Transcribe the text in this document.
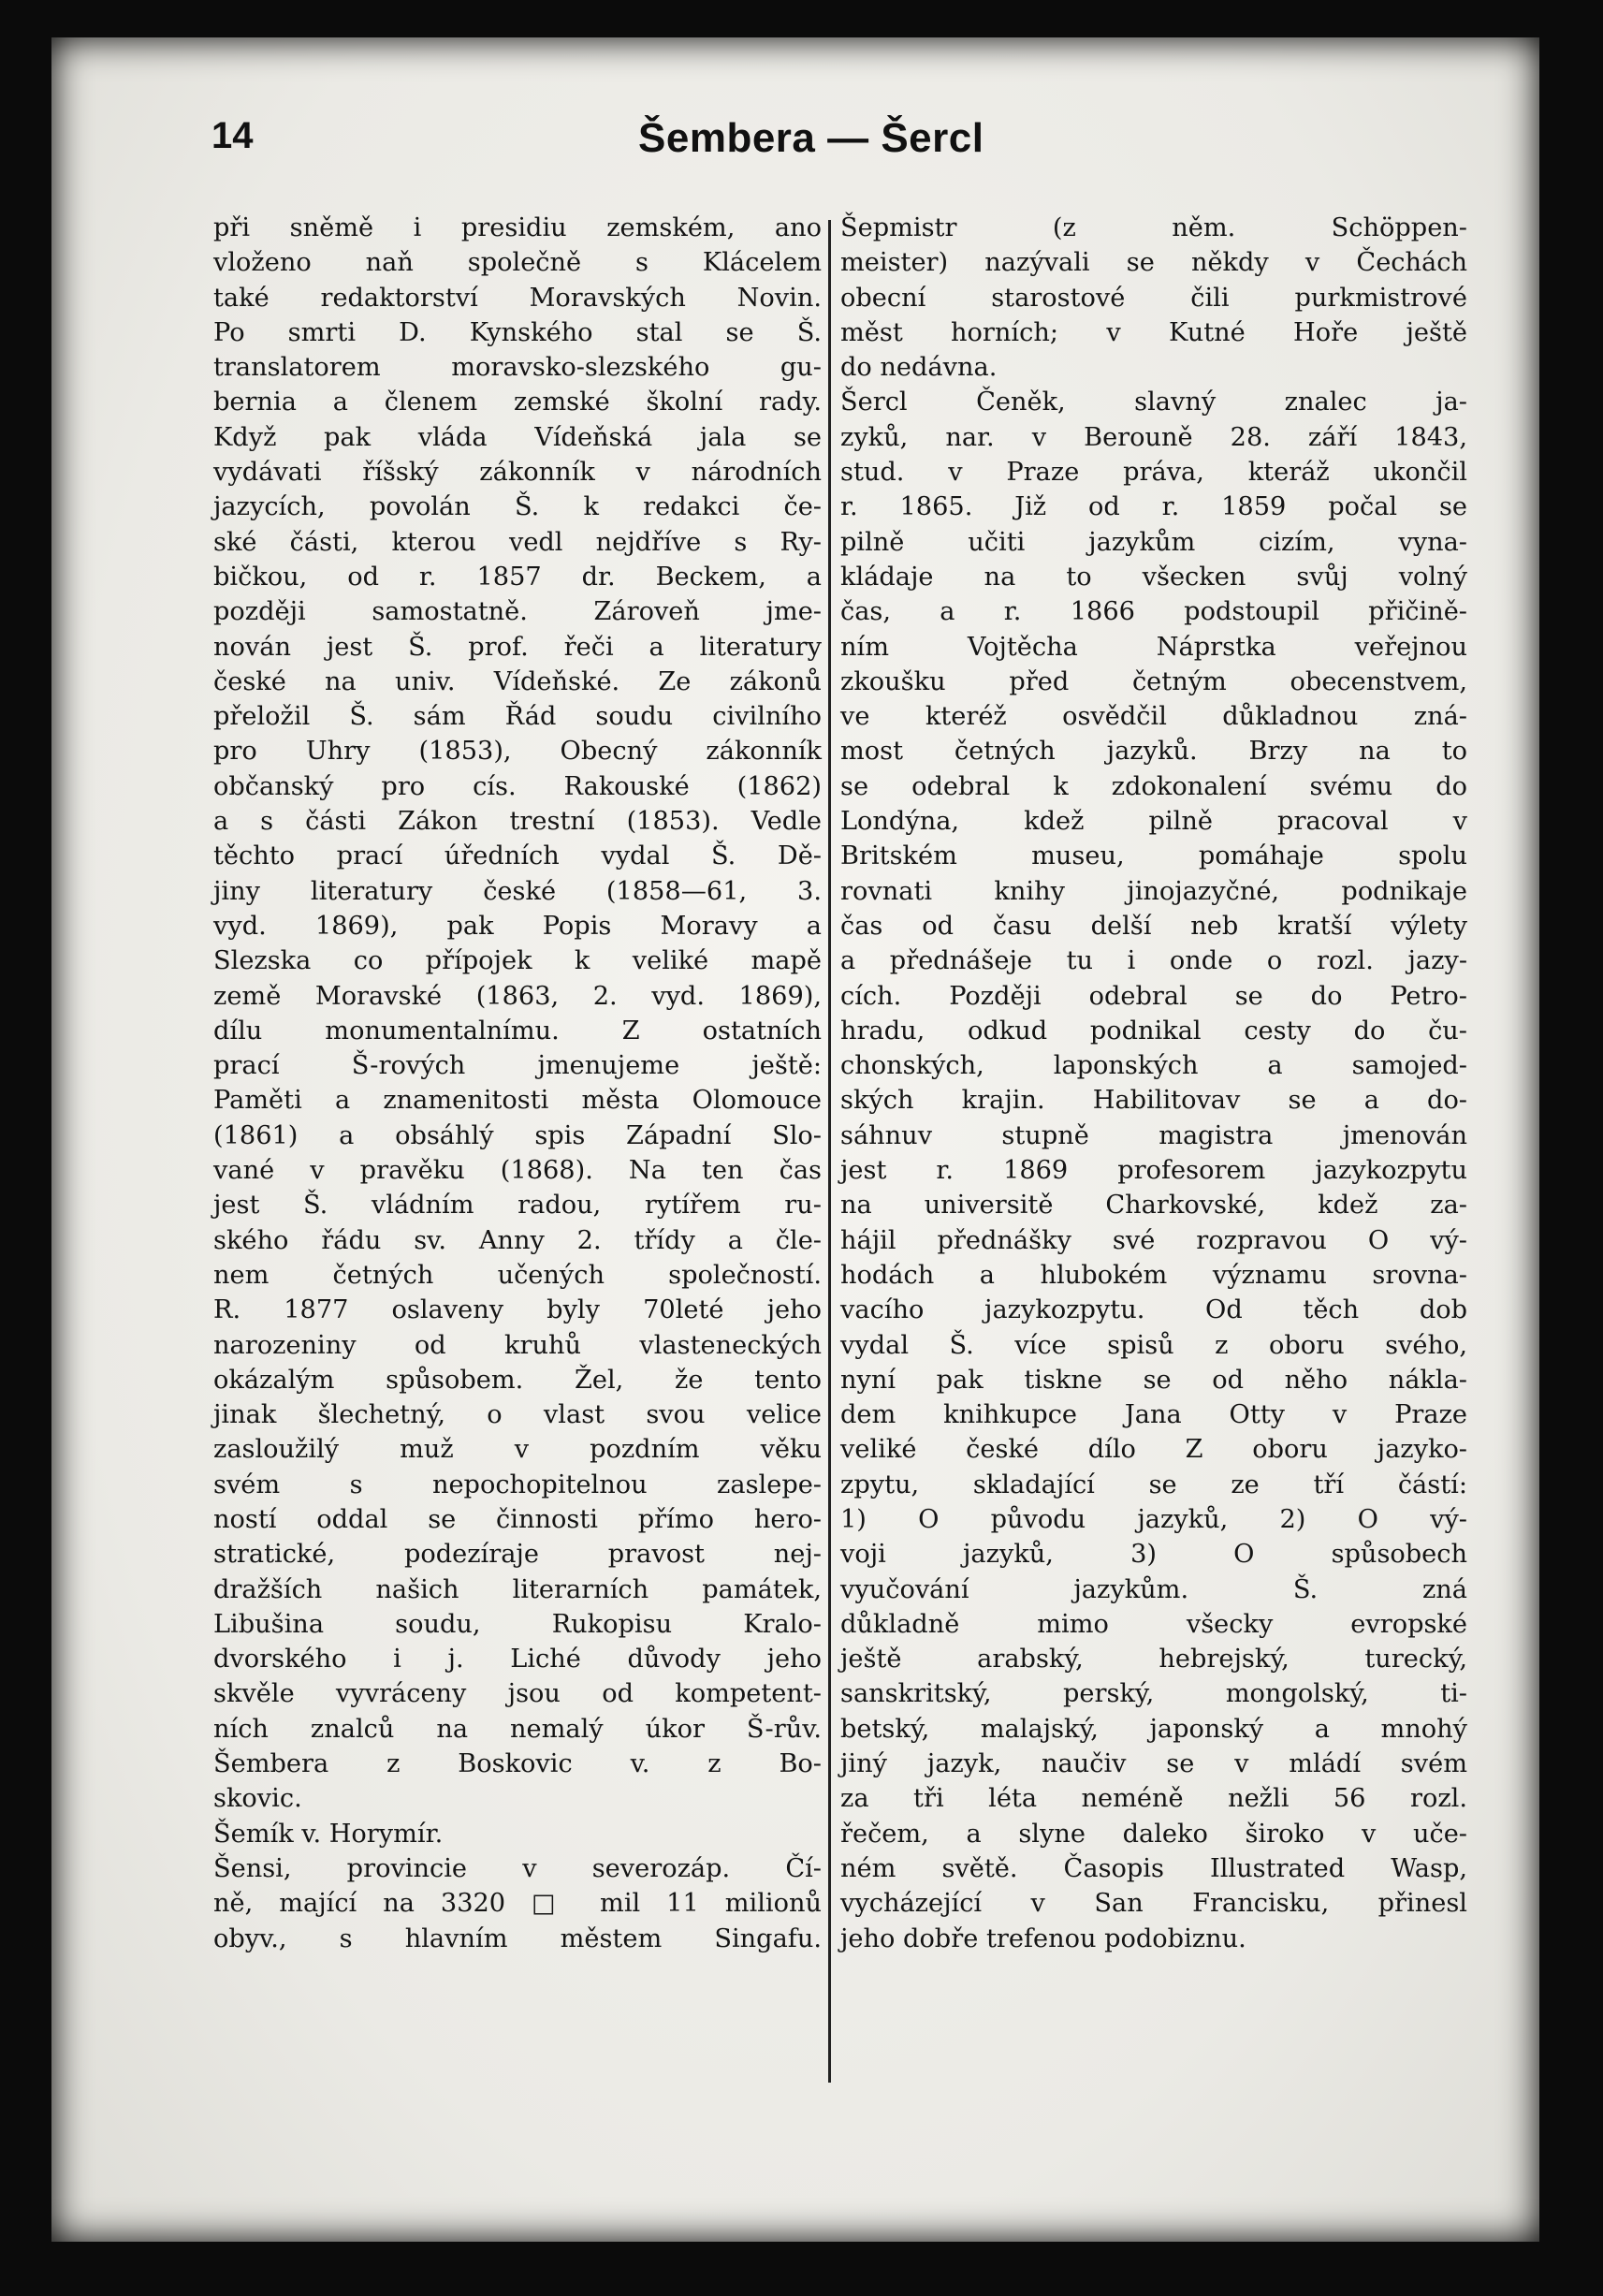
14	Šembera — Šercl
při sněmě i presidiu zemském, ano
vloženo naň společně s Klácelem
také redaktorství Moravských Novin.
Po smrti D. Kynského stal se Š.
translatorem moravsko-slezského gu-
bernia a členem zemské školní rady.
Když pak vláda Vídeňská jala se
vydávati říšský zákonník v národních
jazycích, povolán Š. k redakci če-
ské části, kterou vedl nejdříve s Ry-
bičkou, od r. 1857 dr. Beckem, a
později samostatně. Zároveň jme-
nován jest Š. prof. řeči a literatury
české na univ. Vídeňské. Ze zákonů
přeložil Š. sám Řád soudu civilního
pro Uhry (1853), Obecný zákonník
občanský pro cís. Rakouské (1862)
a s části Zákon trestní (1853). Vedle
těchto prací úředních vydal Š. Dě-
jiny literatury české (1858—61, 3.
vyd. 1869), pak Popis Moravy a
Slezska co přípojek k veliké mapě
země Moravské (1863, 2. vyd. 1869),
dílu monumentalnímu. Z ostatních
prací Š-rových jmenujeme ještě:
Paměti a znamenitosti města Olomouce
(1861) a obsáhlý spis Západní Slo-
vané v pravěku (1868). Na ten čas
jest Š. vládním radou, rytířem ru-
ského řádu sv. Anny 2. třídy a čle-
nem četných učených společností.
R. 1877 oslaveny byly 70leté jeho
narozeniny od kruhů vlasteneckých
okázalým spůsobem. Žel, že tento
jinak šlechetný, o vlast svou velice
zasloužilý muž v pozdním věku
svém s nepochopitelnou zaslepe-
ností oddal se činnosti přímo hero-
stratické, podezíraje pravost nej-
dražších našich literarních památek,
Libušina soudu, Rukopisu Kralo-
dvorského i j. Liché důvody jeho
skvěle vyvráceny jsou od kompetent-
ních znalců na nemalý úkor Š-rův.
Šembera z Boskovic v. z Bo-
skovic.
Šemík v. Horymír.
Šensi, provincie v severozáp. Čí-
ně, mající na 3320 □ mil 11 milionů
obyv., s hlavním městem Singafu.
Šepmistr (z něm. Schöppen-
meister) nazývali se někdy v Čechách
obecní starostové čili purkmistrové
měst horních; v Kutné Hoře ještě
do nedávna.
Šercl Čeněk, slavný znalec ja-
zyků, nar. v Berouně 28. září 1843,
stud. v Praze práva, kteráž ukončil
r. 1865. Již od r. 1859 počal se
pilně učiti jazykům cizím, vyna-
kládaje na to všecken svůj volný
čas, a r. 1866 podstoupil přičině-
ním Vojtěcha Náprstka veřejnou
zkoušku před četným obecenstvem,
ve kteréž osvědčil důkladnou zná-
most četných jazyků. Brzy na to
se odebral k zdokonalení svému do
Londýna, kdež pilně pracoval v
Britském museu, pomáhaje spolu
rovnati knihy jinojazyčné, podnikaje
čas od času delší neb kratší výlety
a přednášeje tu i onde o rozl. jazy-
cích. Později odebral se do Petro-
hradu, odkud podnikal cesty do ču-
chonských, laponských a samojed-
ských krajin. Habilitovav se a do-
sáhnuv stupně magistra jmenován
jest r. 1869 profesorem jazykozpytu
na universitě Charkovské, kdež za-
hájil přednášky své rozpravou O vý-
hodách a hlubokém významu srovna-
vacího jazykozpytu. Od těch dob
vydal Š. více spisů z oboru svého,
nyní pak tiskne se od něho nákla-
dem knihkupce Jana Otty v Praze
veliké české dílo Z oboru jazyko-
zpytu, skladající se ze tří částí:
1) O původu jazyků, 2) O vý-
voji jazyků, 3) O spůsobech
vyučování jazykům. Š. zná
důkladně mimo všecky evropské
ještě arabský, hebrejský, turecký,
sanskritský, perský, mongolský, ti-
betský, malajský, japonský a mnohý
jiný jazyk, naučiv se v mládí svém
za tři léta neméně nežli 56 rozl.
řečem, a slyne daleko široko v uče-
ném světě. Časopis Illustrated Wasp,
vycházející v San Francisku, přinesl
jeho dobře trefenou podobiznu.
